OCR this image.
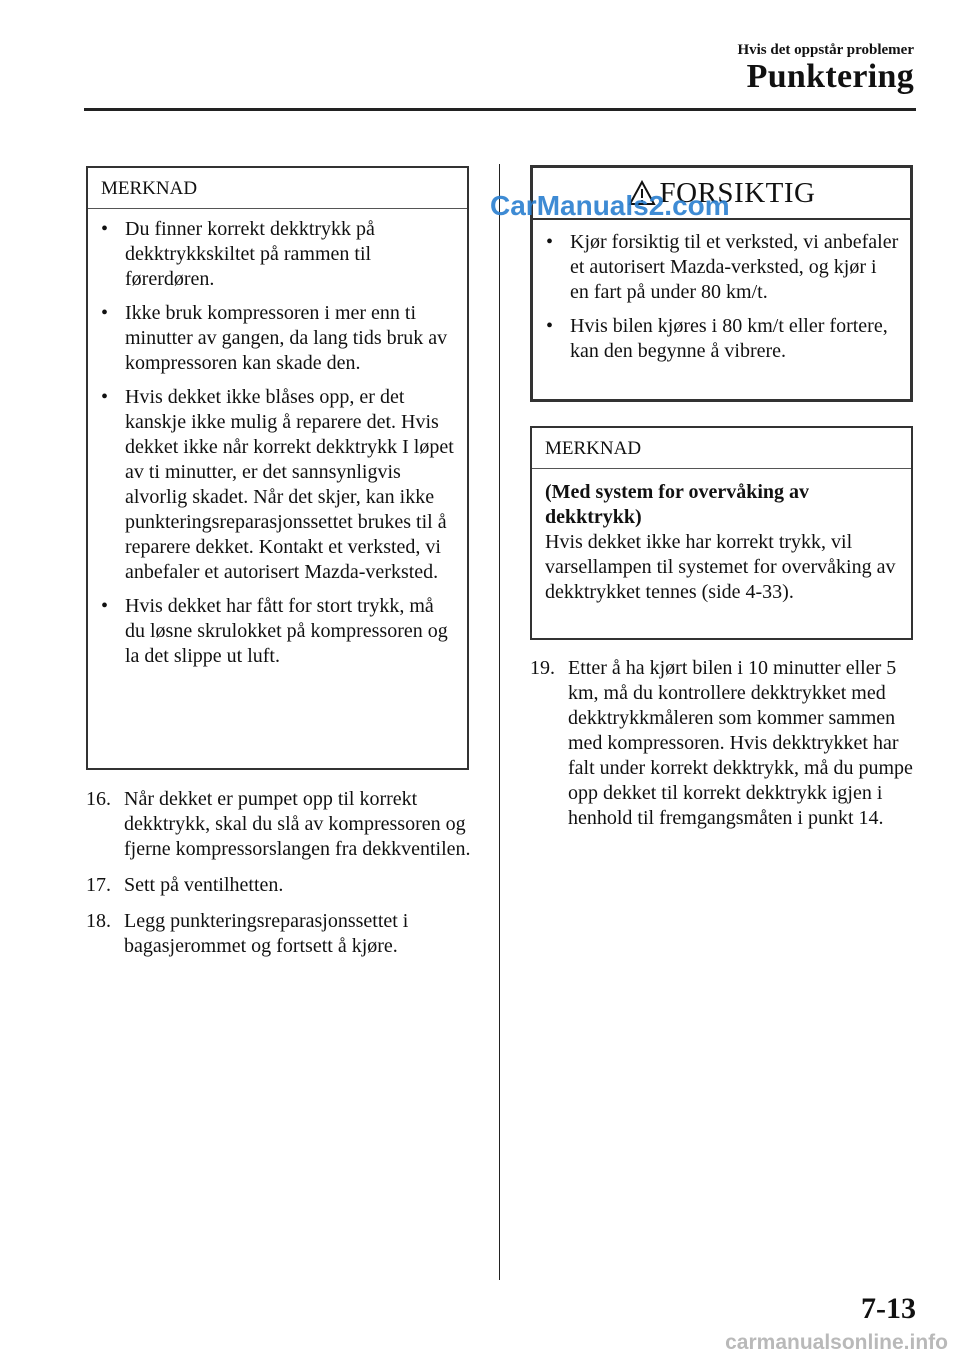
Hvis det oppstår problemer
Punktering
MERKNAD
• Du finner korrekt dekktrykk på dekktrykkskiltet på rammen til førerdøren.
• Ikke bruk kompressoren i mer enn ti minutter av gangen, da lang tids bruk av kompressoren kan skade den.
• Hvis dekket ikke blåses opp, er det kanskje ikke mulig å reparere det. Hvis dekket ikke når korrekt dekktrykk I løpet av ti minutter, er det sannsynligvis alvorlig skadet. Når det skjer, kan ikke punkteringsreparasjonssettet brukes til å reparere dekket. Kontakt et verksted, vi anbefaler et autorisert Mazda-verksted.
• Hvis dekket har fått for stort trykk, må du løsne skrulokket på kompressoren og la det slippe ut luft.
16. Når dekket er pumpet opp til korrekt dekktrykk, skal du slå av kompressoren og fjerne kompressorslangen fra dekkventilen.
17. Sett på ventilhetten.
18. Legg punkteringsreparasjonssettet i bagasjerommet og fortsett å kjøre.
FORSIKTIG
• Kjør forsiktig til et verksted, vi anbefaler et autorisert Mazda-verksted, og kjør i en fart på under 80 km/t.
• Hvis bilen kjøres i 80 km/t eller fortere, kan den begynne å vibrere.
MERKNAD
(Med system for overvåking av dekktrykk)
Hvis dekket ikke har korrekt trykk, vil varsellampen til systemet for overvåking av dekktrykket tennes (side 4-33).
19. Etter å ha kjørt bilen i 10 minutter eller 5 km, må du kontrollere dekktrykket med dekktrykkmåleren som kommer sammen med kompressoren. Hvis dekktrykket har falt under korrekt dekktrykk, må du pumpe opp dekket til korrekt dekktrykk igjen i henhold til fremgangsmåten i punkt 14.
CarManuals2.com
7-13
carmanualsonline.info
